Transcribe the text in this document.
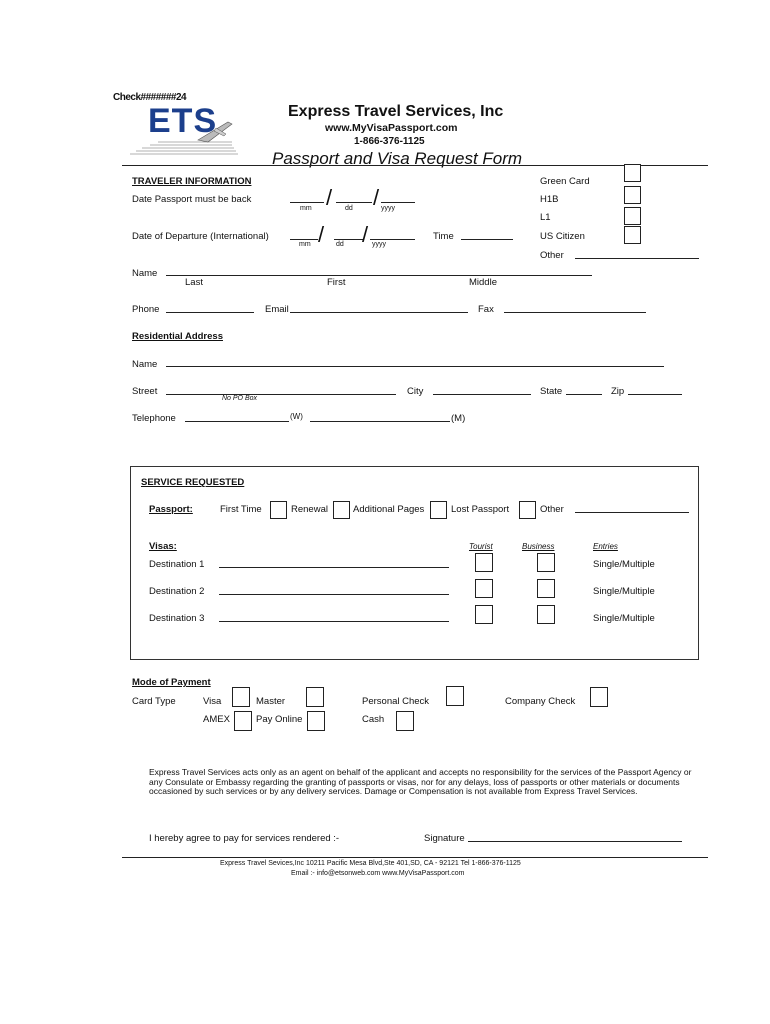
Check#######24
ETS	Express Travel Services, Inc
www.MyVisaPassport.com
1-866-376-1125
Passport and Visa Request Form
TRAVELER INFORMATION
Date Passport must be back	/ /
mm	dd	yyyy
Date of Departure (International) / /
mm	dd	yyyy
Time
Green Card
H1B
L1
US Citizen
Other
Name
Last	First	Middle
Phone	Email	Fax
Residential Address
Name
Street
No PO Box
City	State	Zip
Telephone	(W)	(M)
SERVICE REQUESTED
Passport:	First Time	Renewal	Additional Pages	Lost Passport	Other
Visas:	Tourist	Business	Entries
Destination 1	Single/Multiple
Destination 2	Single/Multiple
Destination 3	Single/Multiple
Mode of Payment
Card Type	Visa	Master	Personal Check	Company Check
AMEX	Pay Online	Cash
Express Travel Services acts only as an agent on behalf of the applicant and accepts no responsibility for the services of the Passport Agency or any Consulate or Embassy regarding the granting of passports or visas, nor for any delays, loss of passports or other materials or documents occasioned by such services or by any delivery services. Damage or Compensation is not available from Express Travel Services.
I hereby agree to pay for services rendered :-	Signature
Express Travel Sevices,Inc 10211 Pacific Mesa Blvd,Ste 401,SD, CA - 92121 Tel 1-866-376-1125
Email :- info@etsonweb.com www.MyVisaPassport.com
